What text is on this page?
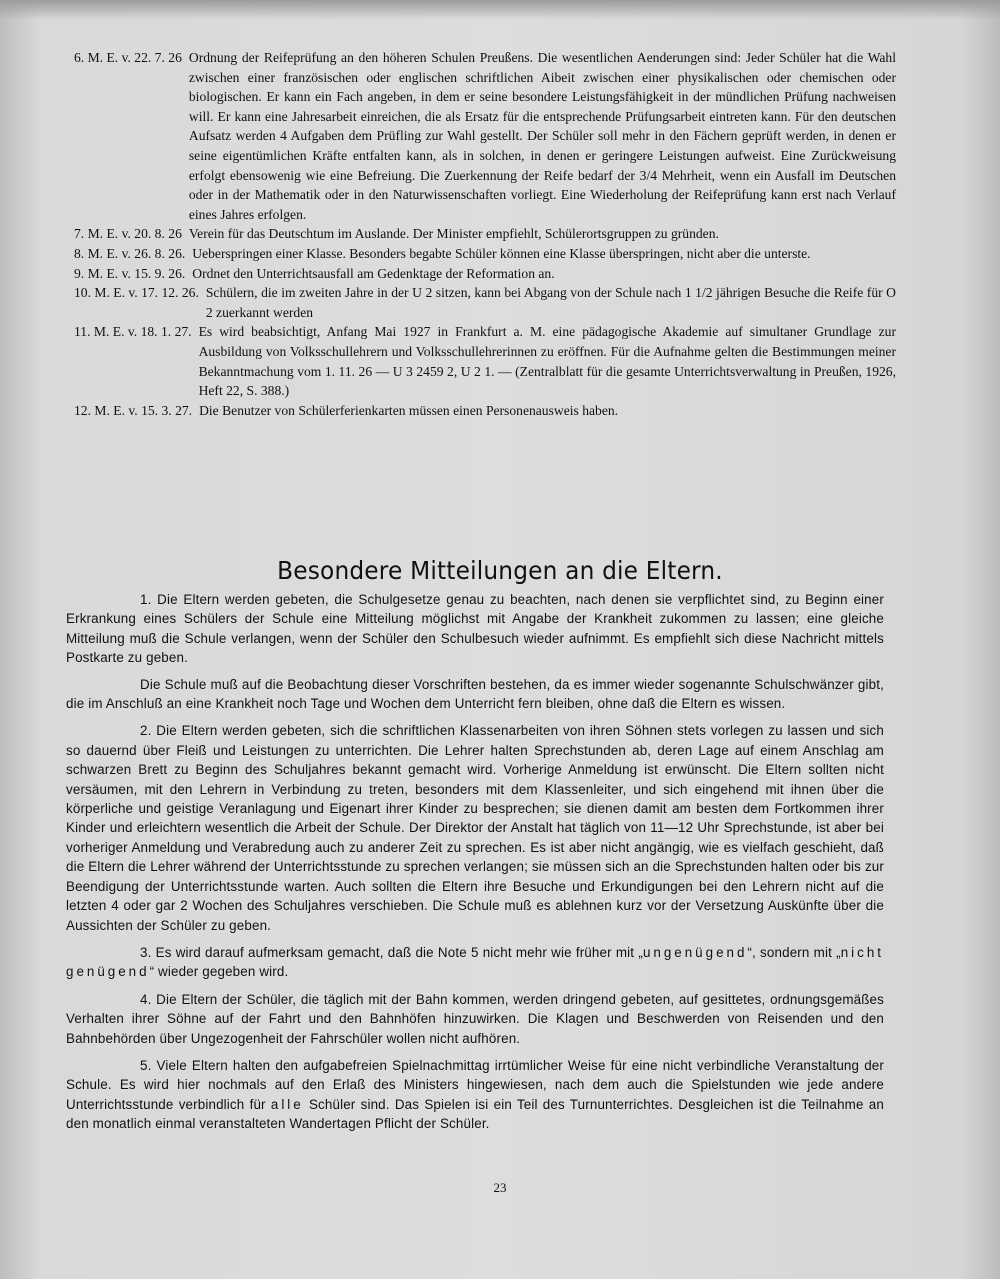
6. M. E. v. 22. 7. 26 Ordnung der Reifeprüfung an den höheren Schulen Preußens. Die wesentlichen Aenderungen sind: Jeder Schüler hat die Wahl zwischen einer französischen oder englischen schriftlichen Aibeit zwischen einer physikalischen oder chemischen oder biologischen. Er kann ein Fach angeben, in dem er seine besondere Leistungsfähigkeit in der mündlichen Prüfung nachweisen will. Er kann eine Jahresarbeit einreichen, die als Ersatz für die entsprechende Prüfungsarbeit eintreten kann. Für den deutschen Aufsatz werden 4 Aufgaben dem Prüfling zur Wahl gestellt. Der Schüler soll mehr in den Fächern geprüft werden, in denen er seine eigentümlichen Kräfte entfalten kann, als in solchen, in denen er geringere Leistungen aufweist. Eine Zurückweisung erfolgt ebensowenig wie eine Befreiung. Die Zuerkennung der Reife bedarf der 3/4 Mehrheit, wenn ein Ausfall im Deutschen oder in der Mathematik oder in den Naturwissenschaften vorliegt. Eine Wiederholung der Reifeprüfung kann erst nach Verlauf eines Jahres erfolgen.
7. M. E. v. 20. 8. 26 Verein für das Deutschtum im Auslande. Der Minister empfiehlt, Schülerortsgruppen zu gründen.
8. M. E. v. 26. 8. 26. Ueberspringen einer Klasse. Besonders begabte Schüler können eine Klasse überspringen, nicht aber die unterste.
9. M. E. v. 15. 9. 26. Ordnet den Unterrichtsausfall am Gedenktage der Reformation an.
10. M. E. v. 17. 12. 26. Schülern, die im zweiten Jahre in der U 2 sitzen, kann bei Abgang von der Schule nach 1 1/2 jährigen Besuche die Reife für O 2 zuerkannt werden
11. M. E. v. 18. 1. 27. Es wird beabsichtigt, Anfang Mai 1927 in Frankfurt a. M. eine pädagogische Akademie auf simultaner Grundlage zur Ausbildung von Volksschullehrern und Volksschullehrerinnen zu eröffnen. Für die Aufnahme gelten die Bestimmungen meiner Bekanntmachung vom 1. 11. 26 — U 3 2459 2, U 2 1. — (Zentralblatt für die gesamte Unterrichtsverwaltung in Preußen, 1926, Heft 22, S. 388.)
12. M. E. v. 15. 3. 27. Die Benutzer von Schülerferienkarten müssen einen Personenausweis haben.
Besondere Mitteilungen an die Eltern.

1. Die Eltern werden gebeten, die Schulgesetze genau zu beachten, nach denen sie verpflichtet sind, zu Beginn einer Erkrankung eines Schülers der Schule eine Mitteilung möglichst mit Angabe der Krankheit zukommen zu lassen; eine gleiche Mitteilung muß die Schule verlangen, wenn der Schüler den Schulbesuch wieder aufnimmt. Es empfiehlt sich diese Nachricht mittels Postkarte zu geben.

Die Schule muß auf die Beobachtung dieser Vorschriften bestehen, da es immer wieder sogenannte Schulschwänzer gibt, die im Anschluß an eine Krankheit noch Tage und Wochen dem Unterricht fern bleiben, ohne daß die Eltern es wissen.

2. Die Eltern werden gebeten, sich die schriftlichen Klassenarbeiten von ihren Söhnen stets vorlegen zu lassen und sich so dauernd über Fleiß und Leistungen zu unterrichten. Die Lehrer halten Sprechstunden ab, deren Lage auf einem Anschlag am schwarzen Brett zu Beginn des Schuljahres bekannt gemacht wird. Vorherige Anmeldung ist erwünscht. Die Eltern sollten nicht versäumen, mit den Lehrern in Verbindung zu treten, besonders mit dem Klassenleiter, und sich eingehend mit ihnen über die körperliche und geistige Veranlagung und Eigenart ihrer Kinder zu besprechen; sie dienen damit am besten dem Fortkommen ihrer Kinder und erleichtern wesentlich die Arbeit der Schule. Der Direktor der Anstalt hat täglich von 11—12 Uhr Sprechstunde, ist aber bei vorheriger Anmeldung und Verabredung auch zu anderer Zeit zu sprechen. Es ist aber nicht angängig, wie es vielfach geschieht, daß die Eltern die Lehrer während der Unterrichtsstunde zu sprechen verlangen; sie müssen sich an die Sprechstunden halten oder bis zur Beendigung der Unterrichtsstunde warten. Auch sollten die Eltern ihre Besuche und Erkundigungen bei den Lehrern nicht auf die letzten 4 oder gar 2 Wochen des Schuljahres verschieben. Die Schule muß es ablehnen kurz vor der Versetzung Auskünfte über die Aussichten der Schüler zu geben.

3. Es wird darauf aufmerksam gemacht, daß die Note 5 nicht mehr wie früher mit „ungenügend“, sondern mit „nicht genügend“ wieder gegeben wird.

4. Die Eltern der Schüler, die täglich mit der Bahn kommen, werden dringend gebeten, auf gesittetes, ordnungsgemäßes Verhalten ihrer Söhne auf der Fahrt und den Bahnhöfen hinzuwirken. Die Klagen und Beschwerden von Reisenden und den Bahnbehörden über Ungezogenheit der Fahrschüler wollen nicht aufhören.

5. Viele Eltern halten den aufgabefreien Spielnachmittag irrtümlicher Weise für eine nicht verbindliche Veranstaltung der Schule. Es wird hier nochmals auf den Erlaß des Ministers hingewiesen, nach dem auch die Spielstunden wie jede andere Unterrichtsstunde verbindlich für alle Schüler sind. Das Spielen isi ein Teil des Turnunterrichtes. Desgleichen ist die Teilnahme an den monatlich einmal veranstalteten Wandertagen Pflicht der Schüler.

23
